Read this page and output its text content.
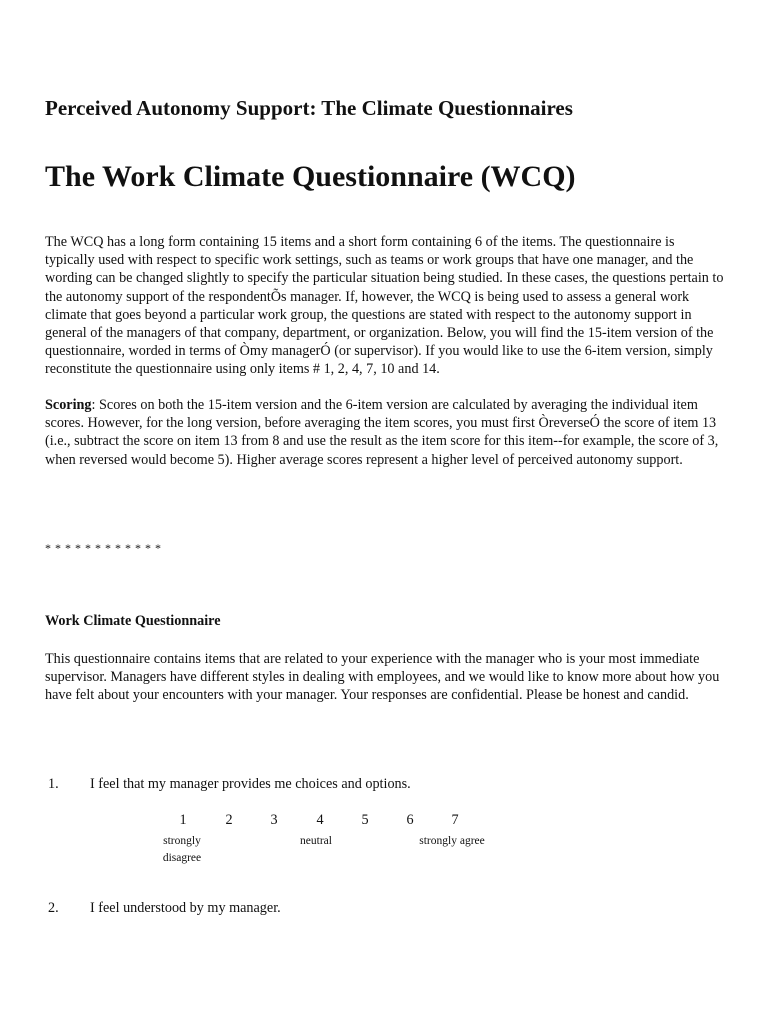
Perceived Autonomy Support: The Climate Questionnaires
The Work Climate Questionnaire (WCQ)

The WCQ has a long form containing 15 items and a short form containing 6 of the items. The questionnaire is typically used with respect to specific work settings, such as teams or work groups that have one manager, and the wording can be changed slightly to specify the particular situation being studied. In these cases, the questions pertain to the autonomy support of the respondentÕs manager. If, however, the WCQ is being used to assess a general work climate that goes beyond a particular work group, the questions are stated with respect to the autonomy support in general of the managers of that company, department, or organization. Below, you will find the 15-item version of the questionnaire, worded in terms of Òmy managerÓ (or supervisor). If you would like to use the 6-item version, simply reconstitute the questionnaire using only items # 1, 2, 4, 7, 10 and 14.

Scoring: Scores on both the 15-item version and the 6-item version are calculated by averaging the individual item scores. However, for the long version, before averaging the item scores, you must first ÒreverseÓ the score of item 13 (i.e., subtract the score on item 13 from 8 and use the result as the item score for this item--for example, the score of 3, when reversed would become 5). Higher average scores represent a higher level of perceived autonomy support.

* * * * * * * * * * * *
Work Climate Questionnaire

This questionnaire contains items that are related to your experience with the manager who is your most immediate supervisor. Managers have different styles in dealing with employees, and we would like to know more about how you have felt about your encounters with your manager. Your responses are confidential. Please be honest and candid.

1.	I feel that my manager provides me choices and options.
1	2	3	4	5	6	7
strongly disagree
neutral	strongly agree
2.	I feel understood by my manager.
